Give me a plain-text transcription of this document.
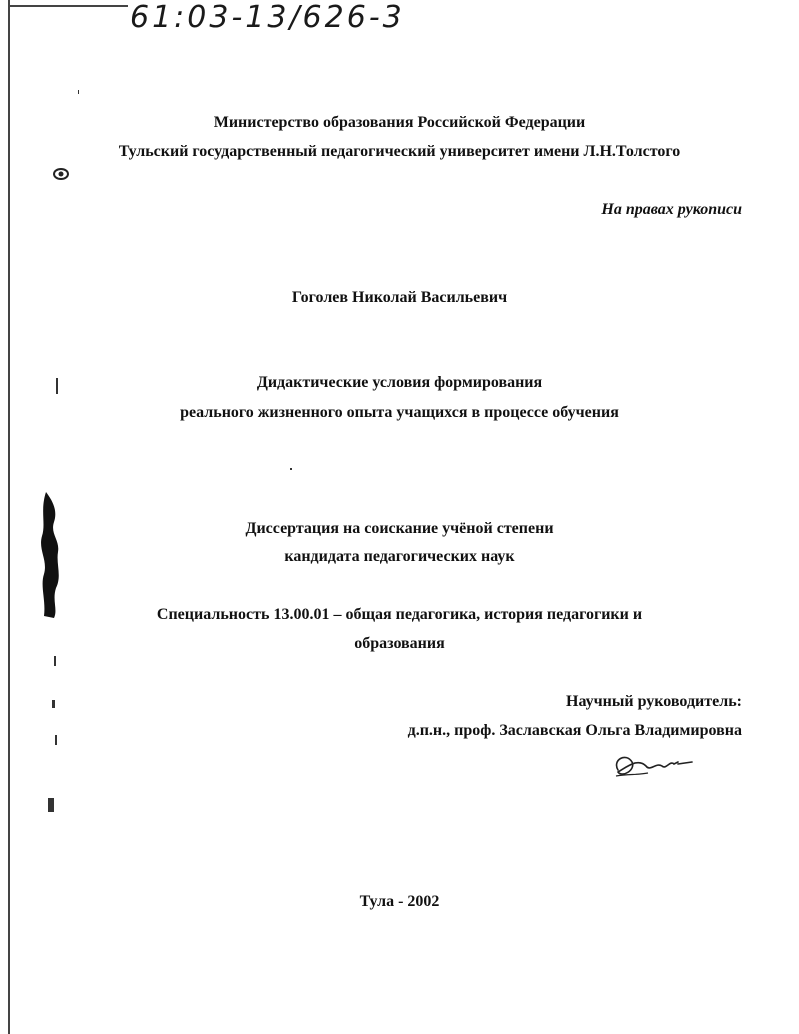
61:03-13/626-3
Министерство образования Российской Федерации
Тульский государственный педагогический университет имени Л.Н.Толстого
На правах рукописи
Гоголев Николай Васильевич
Дидактические условия формирования
реального жизненного опыта учащихся в процессе обучения
Диссертация на соискание учёной степени
кандидата педагогических наук
Специальность 13.00.01 – общая педагогика, история педагогики и
образования
Научный руководитель:
д.п.н., проф. Заславская Ольга Владимировна
Тула - 2002
